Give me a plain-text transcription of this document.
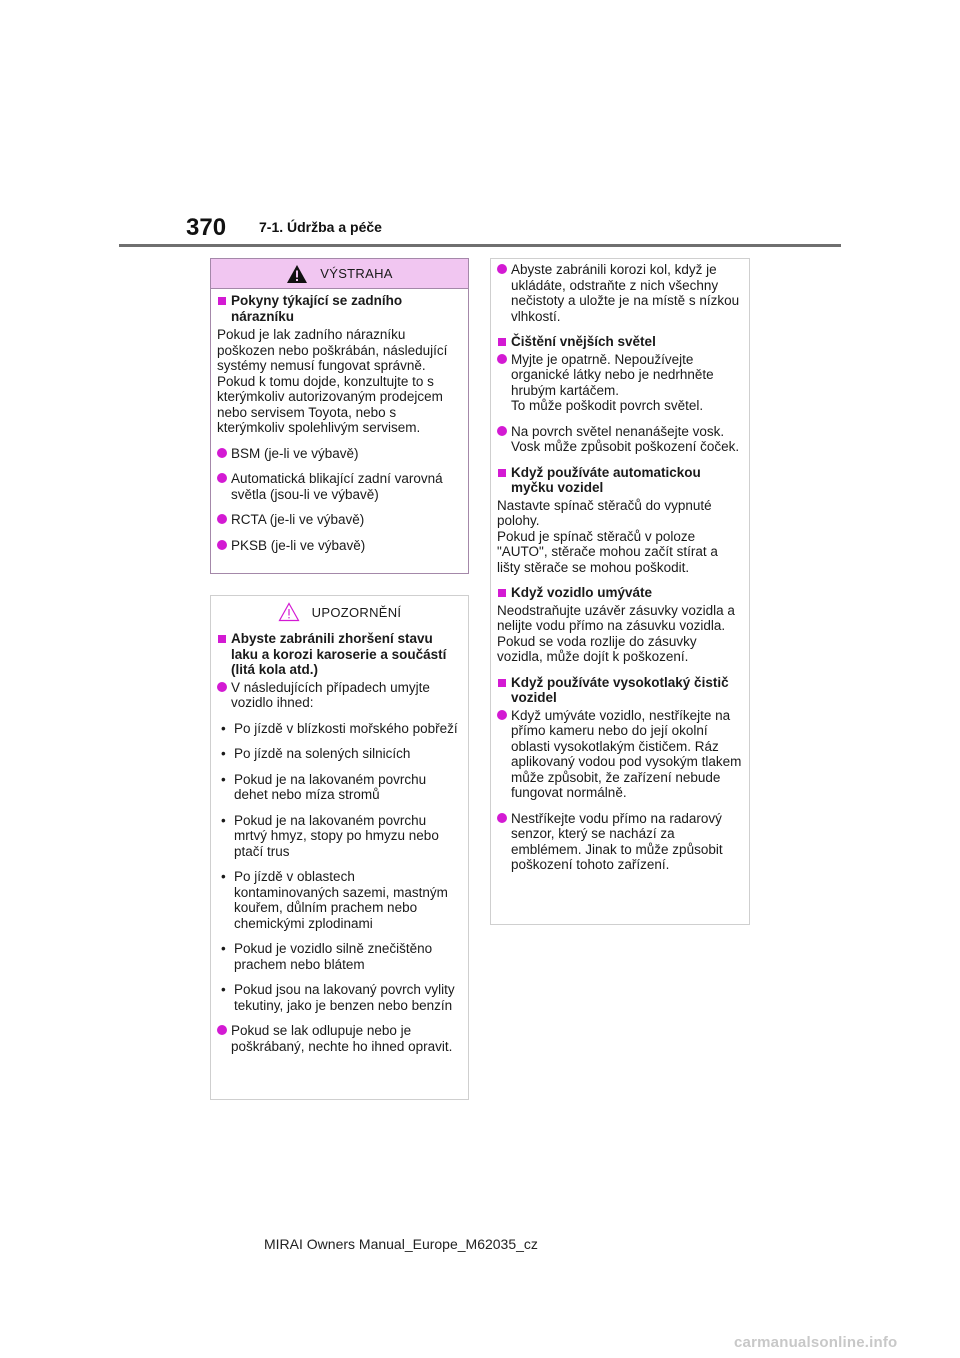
370 7-1. Údržba a péče
VÝSTRAHA
Pokyny týkající se zadního nárazníku
Pokud je lak zadního nárazníku poškozen nebo poškrábán, následující systémy nemusí fungovat správně. Pokud k tomu dojde, konzultujte to s kterýmkoliv autorizovaným prodejcem nebo servisem Toyota, nebo s kterýmkoliv spolehlivým servisem.
BSM (je-li ve výbavě)
Automatická blikající zadní varovná světla (jsou-li ve výbavě)
RCTA (je-li ve výbavě)
PKSB (je-li ve výbavě)
UPOZORNĚNÍ
Abyste zabránili zhoršení stavu laku a korozi karoserie a součástí (litá kola atd.)
V následujících případech umyjte vozidlo ihned:
• Po jízdě v blízkosti mořského pobřeží
• Po jízdě na solených silnicích
• Pokud je na lakovaném povrchu dehet nebo míza stromů
• Pokud je na lakovaném povrchu mrtvý hmyz, stopy po hmyzu nebo ptačí trus
• Po jízdě v oblastech kontaminovaných sazemi, mastným kouřem, důlním prachem nebo chemickými zplodinami
• Pokud je vozidlo silně znečištěno prachem nebo blátem
• Pokud jsou na lakovaný povrch vylity tekutiny, jako je benzen nebo benzín
Pokud se lak odlupuje nebo je poškrábaný, nechte ho ihned opravit.
Abyste zabránili korozi kol, když je ukládáte, odstraňte z nich všechny nečistoty a uložte je na místě s nízkou vlhkostí.
Čištění vnějších světel
Myjte je opatrně. Nepoužívejte organické látky nebo je nedrhněte hrubým kartáčem.
To může poškodit povrch světel.
Na povrch světel nenanášejte vosk. Vosk může způsobit poškození čoček.
Když používáte automatickou myčku vozidel
Nastavte spínač stěračů do vypnuté polohy.
Pokud je spínač stěračů v poloze "AUTO", stěrače mohou začít stírat a lišty stěrače se mohou poškodit.
Když vozidlo umýváte
Neodstraňujte uzávěr zásuvky vozidla a nelijte vodu přímo na zásuvku vozidla. Pokud se voda rozlije do zásuvky vozidla, může dojít k poškození.
Když používáte vysokotlaký čistič vozidel
Když umýváte vozidlo, nestříkejte na přímo kameru nebo do její okolní oblasti vysokotlakým čističem. Ráz aplikovaný vodou pod vysokým tlakem může způsobit, že zařízení nebude fungovat normálně.
Nestříkejte vodu přímo na radarový senzor, který se nachází za emblémem. Jinak to může způsobit poškození tohoto zařízení.
MIRAI Owners Manual_Europe_M62035_cz
carmanualsonline.info
